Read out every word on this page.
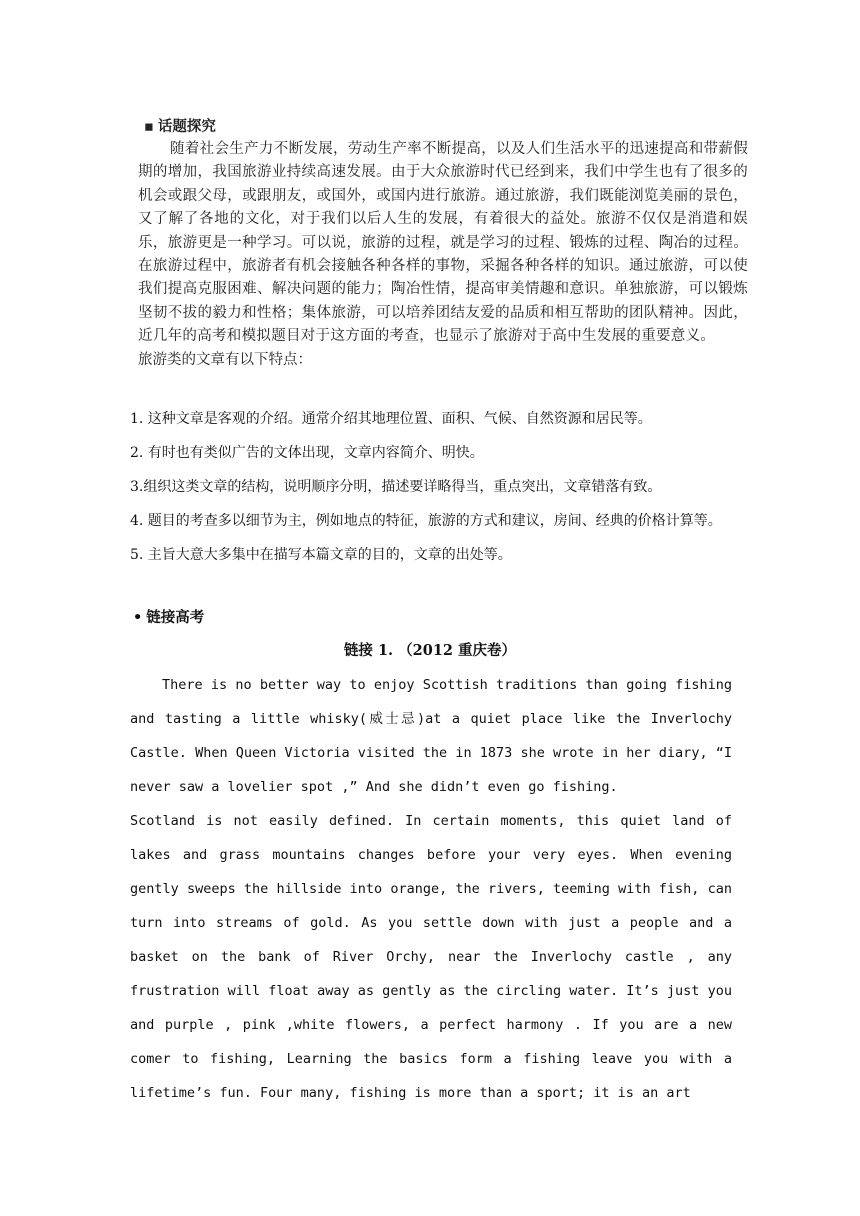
▪ 话题探究

随着社会生产力不断发展，劳动生产率不断提高，以及人们生活水平的迅速提高和带薪假期的增加，我国旅游业持续高速发展。由于大众旅游时代已经到来，我们中学生也有了很多的机会或跟父母，或跟朋友，或国外，或国内进行旅游。通过旅游，我们既能浏览美丽的景色，又了解了各地的文化，对于我们以后人生的发展，有着很大的益处。旅游不仅仅是消遣和娱乐，旅游更是一种学习。可以说，旅游的过程，就是学习的过程、锻炼的过程、陶冶的过程。在旅游过程中，旅游者有机会接触各种各样的事物，采掘各种各样的知识。通过旅游，可以使我们提高克服困难、解决问题的能力；陶冶性情，提高审美情趣和意识。单独旅游，可以锻炼坚韧不拔的毅力和性格；集体旅游，可以培养团结友爱的品质和相互帮助的团队精神。因此，近几年的高考和模拟题目对于这方面的考查，也显示了旅游对于高中生发展的重要意义。

旅游类的文章有以下特点：

1. 这种文章是客观的介绍。通常介绍其地理位置、面积、气候、自然资源和居民等。

2. 有时也有类似广告的文体出现，文章内容简介、明快。

3.组织这类文章的结构，说明顺序分明，描述要详略得当，重点突出，文章错落有致。

4. 题目的考查多以细节为主，例如地点的特征，旅游的方式和建议，房间、经典的价格计算等。

5. 主旨大意大多集中在描写本篇文章的目的，文章的出处等。

• 链接高考
链接 1. （2012 重庆卷）

There is no better way to enjoy Scottish traditions than going fishing and tasting a little whisky(威士忌)at a quiet place like the Inverlochy Castle. When Queen Victoria visited the in 1873 she wrote in her diary, “I never saw a lovelier spot ,” And she didn’t even go fishing.

Scotland is not easily defined. In certain moments, this quiet land of lakes and grass mountains changes before your very eyes. When evening gently sweeps the hillside into orange, the rivers, teeming with fish, can turn into streams of gold. As you settle down with just a people and a basket on the bank of River Orchy, near the Inverlochy castle , any frustration will float away as gently as the circling water. It’s just you and purple , pink ,white flowers, a perfect harmony . If you are a new comer to fishing, Learning the basics form a fishing leave you with a lifetime’s fun. Four many, fishing is more than a sport; it is an art
